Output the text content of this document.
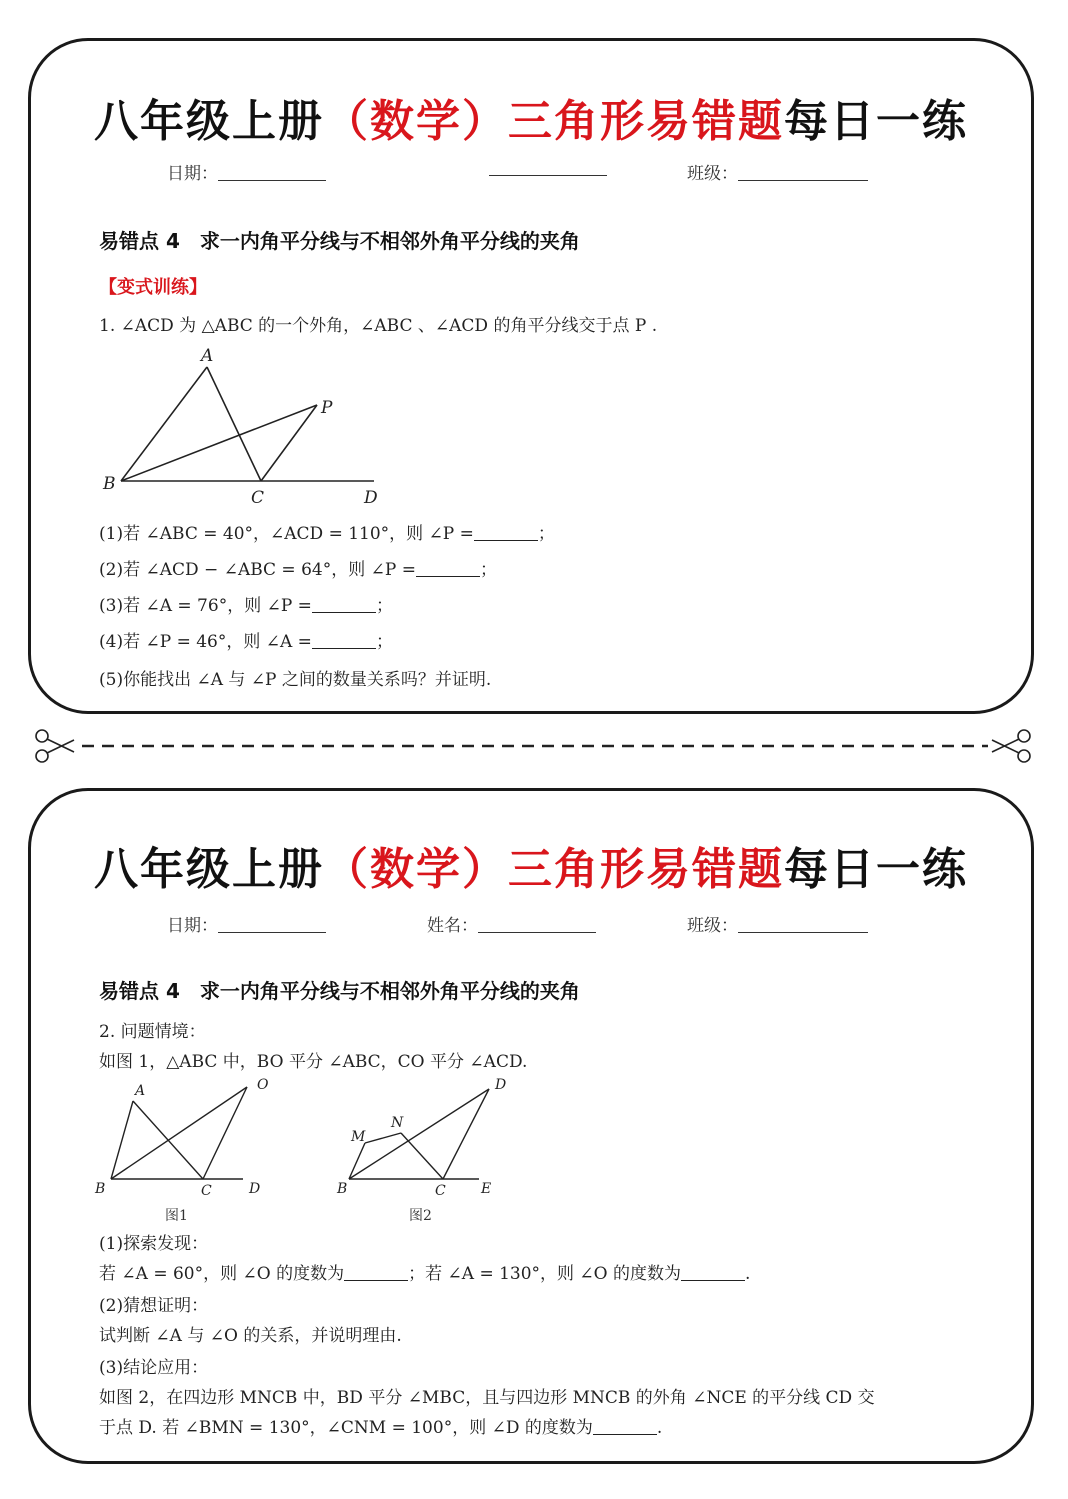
八年级上册（数学）三角形易错题每日一练
日期：	班级：
易错点 4　求一内角平分线与不相邻外角平分线的夹角
【变式训练】
1. ∠ACD 为 △ABC 的一个外角，∠ABC 、∠ACD 的角平分线交于点 P .
A
B
C	D
P
(1)若 ∠ABC = 40°，∠ACD = 110°，则 ∠P =	；
(2)若 ∠ACD − ∠ABC = 64°，则 ∠P =	；
(3)若 ∠A = 76°，则 ∠P =	；
(4)若 ∠P = 46°，则 ∠A =	；
(5)你能找出 ∠A 与 ∠P 之间的数量关系吗？并证明.
八年级上册（数学）三角形易错题每日一练
日期：	姓名：	班级：
易错点 4　求一内角平分线与不相邻外角平分线的夹角
2. 问题情境：
如图 1，△ABC 中，BO 平分 ∠ABC，CO 平分 ∠ACD.
A	O
B	C	D
图1
M
N
D
B	C	E
图2
(1)探索发现：
若 ∠A = 60°，则 ∠O 的度数为	；若 ∠A = 130°，则 ∠O 的度数为	.
(2)猜想证明：
试判断 ∠A 与 ∠O 的关系，并说明理由.
(3)结论应用：
如图 2，在四边形 MNCB 中，BD 平分 ∠MBC，且与四边形 MNCB 的外角 ∠NCE 的平分线 CD 交
于点 D. 若 ∠BMN = 130°，∠CNM = 100°，则 ∠D 的度数为	.
